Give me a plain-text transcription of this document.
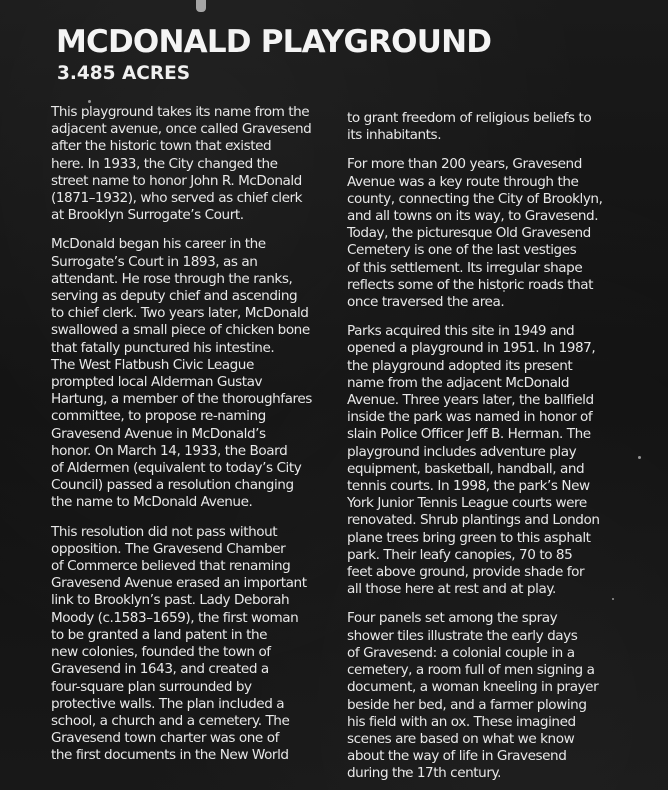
MCDONALD PLAYGROUND
3.485 ACRES

This playground takes its name from the
adjacent avenue, once called Gravesend
after the historic town that existed
here. In 1933, the City changed the
street name to honor John R. McDonald
(1871–1932), who served as chief clerk
at Brooklyn Surrogate’s Court.

McDonald began his career in the
Surrogate’s Court in 1893, as an
attendant. He rose through the ranks,
serving as deputy chief and ascending
to chief clerk. Two years later, McDonald
swallowed a small piece of chicken bone
that fatally punctured his intestine.
The West Flatbush Civic League
prompted local Alderman Gustav
Hartung, a member of the thoroughfares
committee, to propose re-naming
Gravesend Avenue in McDonald’s
honor. On March 14, 1933, the Board
of Aldermen (equivalent to today’s City
Council) passed a resolution changing
the name to McDonald Avenue.

This resolution did not pass without
opposition. The Gravesend Chamber
of Commerce believed that renaming
Gravesend Avenue erased an important
link to Brooklyn’s past. Lady Deborah
Moody (c.1583–1659), the first woman
to be granted a land patent in the
new colonies, founded the town of
Gravesend in 1643, and created a
four-square plan surrounded by
protective walls. The plan included a
school, a church and a cemetery. The
Gravesend town charter was one of
the first documents in the New World

to grant freedom of religious beliefs to
its inhabitants.

For more than 200 years, Gravesend
Avenue was a key route through the
county, connecting the City of Brooklyn,
and all towns on its way, to Gravesend.
Today, the picturesque Old Gravesend
Cemetery is one of the last vestiges
of this settlement. Its irregular shape
reflects some of the historic roads that
once traversed the area.

Parks acquired this site in 1949 and
opened a playground in 1951. In 1987,
the playground adopted its present
name from the adjacent McDonald
Avenue. Three years later, the ballfield
inside the park was named in honor of
slain Police Officer Jeff B. Herman. The
playground includes adventure play
equipment, basketball, handball, and
tennis courts. In 1998, the park’s New
York Junior Tennis League courts were
renovated. Shrub plantings and London
plane trees bring green to this asphalt
park. Their leafy canopies, 70 to 85
feet above ground, provide shade for
all those here at rest and at play.

Four panels set among the spray
shower tiles illustrate the early days
of Gravesend: a colonial couple in a
cemetery, a room full of men signing a
document, a woman kneeling in prayer
beside her bed, and a farmer plowing
his field with an ox. These imagined
scenes are based on what we know
about the way of life in Gravesend
during the 17th century.
